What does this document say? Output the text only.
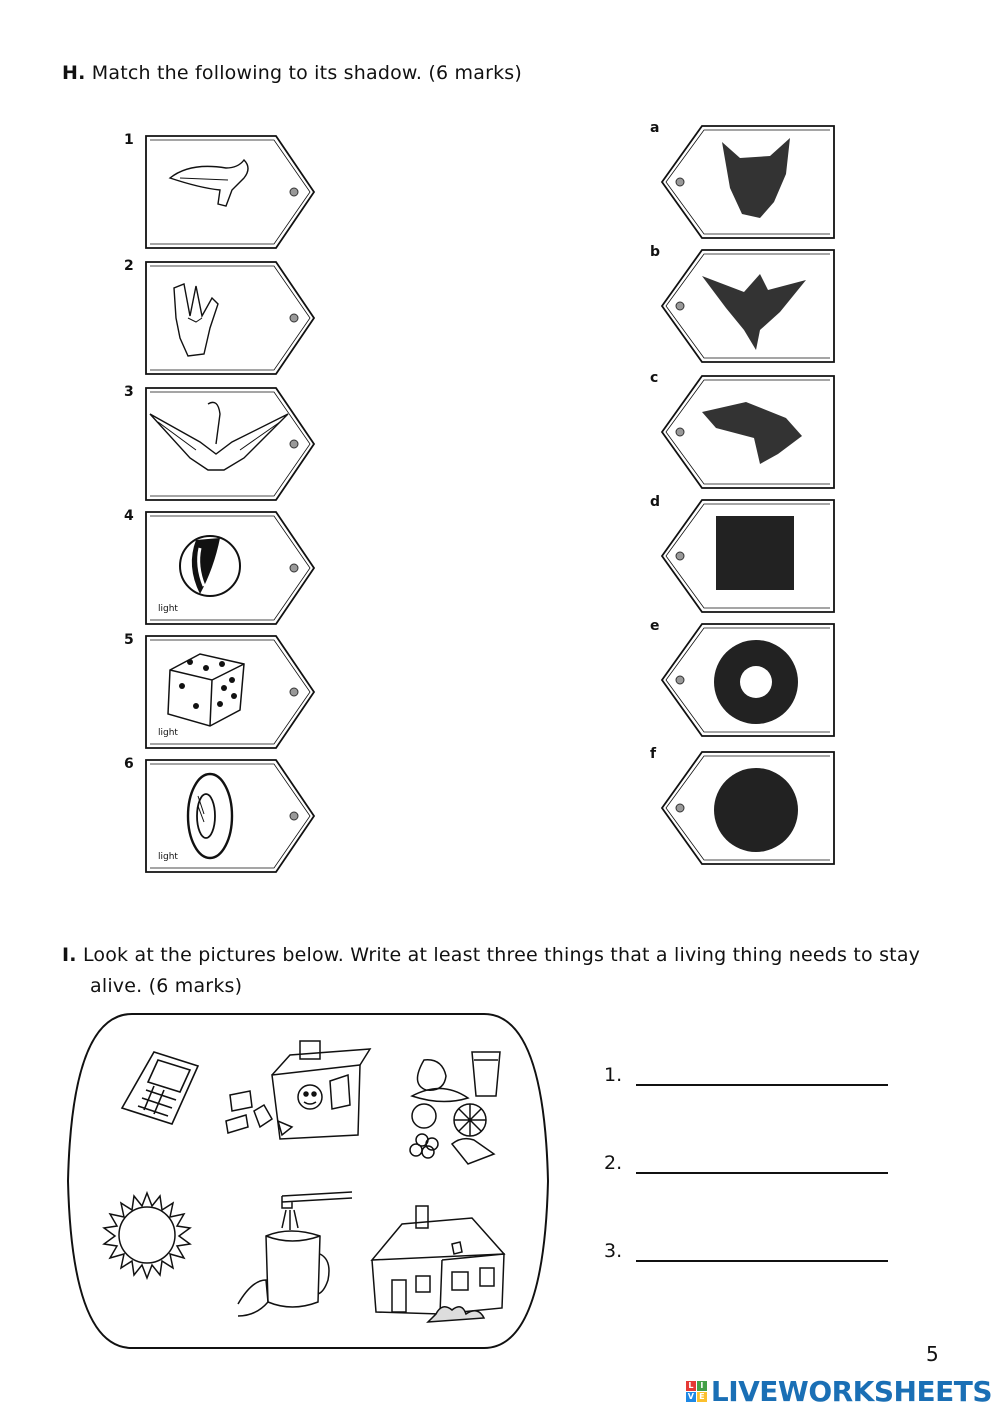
H. Match the following to its shadow. (6 marks)
1
2
3
4
light
5
light
6
light
a
b
c
d
e
f
I. Look at the pictures below. Write at least three things that a living thing needs to stay
alive. (6 marks)
1.
2.
3.
5
L I
V E LIVEWORKSHEETS
